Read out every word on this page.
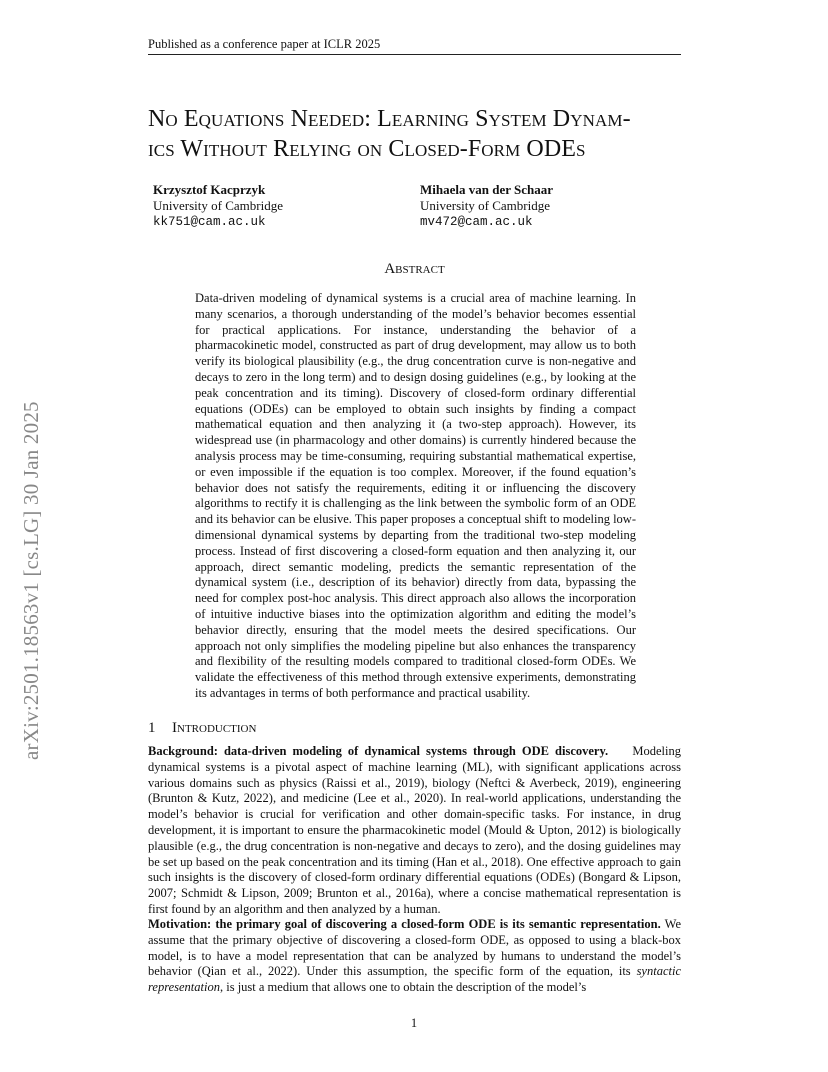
Published as a conference paper at ICLR 2025
arXiv:2501.18563v1 [cs.LG] 30 Jan 2025
No Equations Needed: Learning System Dynam-
ics Without Relying on Closed-Form ODEs
Krzysztof Kacprzyk
University of Cambridge
kk751@cam.ac.uk
Mihaela van der Schaar
University of Cambridge
mv472@cam.ac.uk
Abstract
Data-driven modeling of dynamical systems is a crucial area of machine learning. In many scenarios, a thorough understanding of the model’s behavior becomes essential for practical applications. For instance, understanding the behavior of a pharmacokinetic model, constructed as part of drug development, may allow us to both verify its biological plausibility (e.g., the drug concentration curve is non-negative and decays to zero in the long term) and to design dosing guidelines (e.g., by looking at the peak concentration and its timing). Discovery of closed-form ordinary differential equations (ODEs) can be employed to obtain such insights by finding a compact mathematical equation and then analyzing it (a two-step approach). However, its widespread use (in pharmacology and other domains) is currently hindered because the analysis process may be time-consuming, requiring substantial mathematical expertise, or even impossible if the equation is too complex. Moreover, if the found equation’s behavior does not satisfy the requirements, editing it or influencing the discovery algorithms to rectify it is challenging as the link between the symbolic form of an ODE and its behavior can be elusive. This paper proposes a conceptual shift to modeling low-dimensional dynamical systems by departing from the traditional two-step modeling process. Instead of first discovering a closed-form equation and then analyzing it, our approach, direct semantic modeling, predicts the semantic representation of the dynamical system (i.e., description of its behavior) directly from data, bypassing the need for complex post-hoc analysis. This direct approach also allows the incorporation of intuitive inductive biases into the optimization algorithm and editing the model’s behavior directly, ensuring that the model meets the desired specifications. Our approach not only simplifies the modeling pipeline but also enhances the transparency and flexibility of the resulting models compared to traditional closed-form ODEs. We validate the effectiveness of this method through extensive experiments, demonstrating its advantages in terms of both performance and practical usability.
1 Introduction
Background: data-driven modeling of dynamical systems through ODE discovery. Modeling dynamical systems is a pivotal aspect of machine learning (ML), with significant applications across various domains such as physics (Raissi et al., 2019), biology (Neftci & Averbeck, 2019), engineering (Brunton & Kutz, 2022), and medicine (Lee et al., 2020). In real-world applications, understanding the model’s behavior is crucial for verification and other domain-specific tasks. For instance, in drug development, it is important to ensure the pharmacokinetic model (Mould & Upton, 2012) is biologically plausible (e.g., the drug concentration is non-negative and decays to zero), and the dosing guidelines may be set up based on the peak concentration and its timing (Han et al., 2018). One effective approach to gain such insights is the discovery of closed-form ordinary differential equations (ODEs) (Bongard & Lipson, 2007; Schmidt & Lipson, 2009; Brunton et al., 2016a), where a concise mathematical representation is first found by an algorithm and then analyzed by a human.
Motivation: the primary goal of discovering a closed-form ODE is its semantic representation. We assume that the primary objective of discovering a closed-form ODE, as opposed to using a black-box model, is to have a model representation that can be analyzed by humans to understand the model’s behavior (Qian et al., 2022). Under this assumption, the specific form of the equation, its syntactic representation, is just a medium that allows one to obtain the description of the model’s
1
